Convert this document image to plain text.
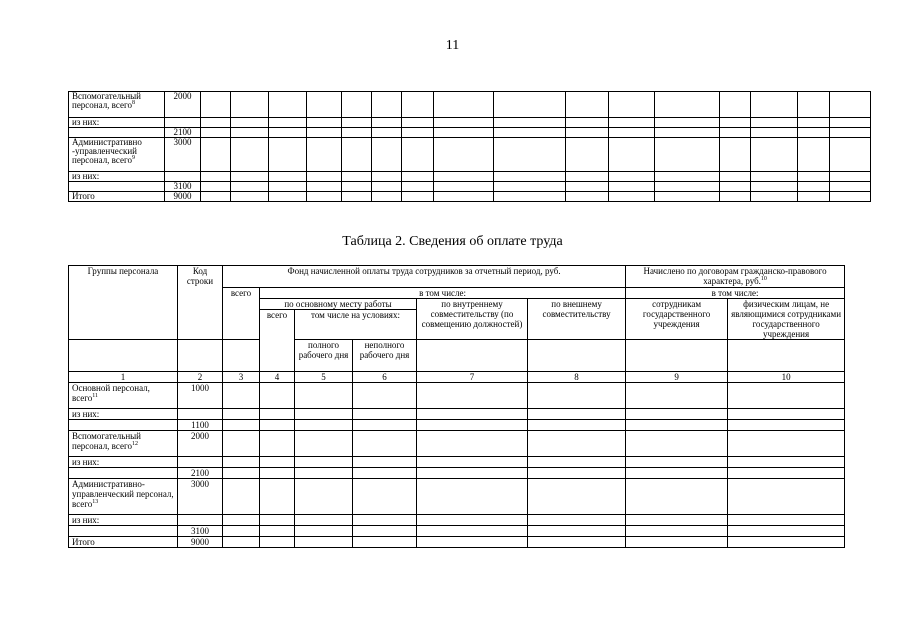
11
Вспомогательный персонал, всего$^8$	2000																
из них:																	
	2100																
Административно -управленческий персонал, всего$^9$	3000																
из них:																	
	3100																
Итого	9000																
Таблица 2. Сведения об оплате труда
Группы персонала	Код строки	Фонд начисленной оплаты труда сотрудников за отчетный период, руб.						Начислено по договорам гражданско-правового характера, руб.$^{10}$
		всего	в том числе:					в том числе:	
			по основному месту работы			по внутреннему совместительству (по совмещению должностей)	по внешнему совместительству	сотрудникам государственного учреждения	физическим лицам, не являющимися сотрудниками государственного учреждения
			всего	том числе на условиях:					
				полного рабочего дня	неполного рабочего дня				
1	2	3	4	5	6	7	8	9	10
Основной персонал, всего$^{11}$	1000								
из них:									
	1100								
Вспомогательный персонал, всего$^{12}$	2000								
из них:									
	2100								
Административно-управленческий персонал, всего$^{13}$	3000								
из них:									
	3100								
Итого	9000								
